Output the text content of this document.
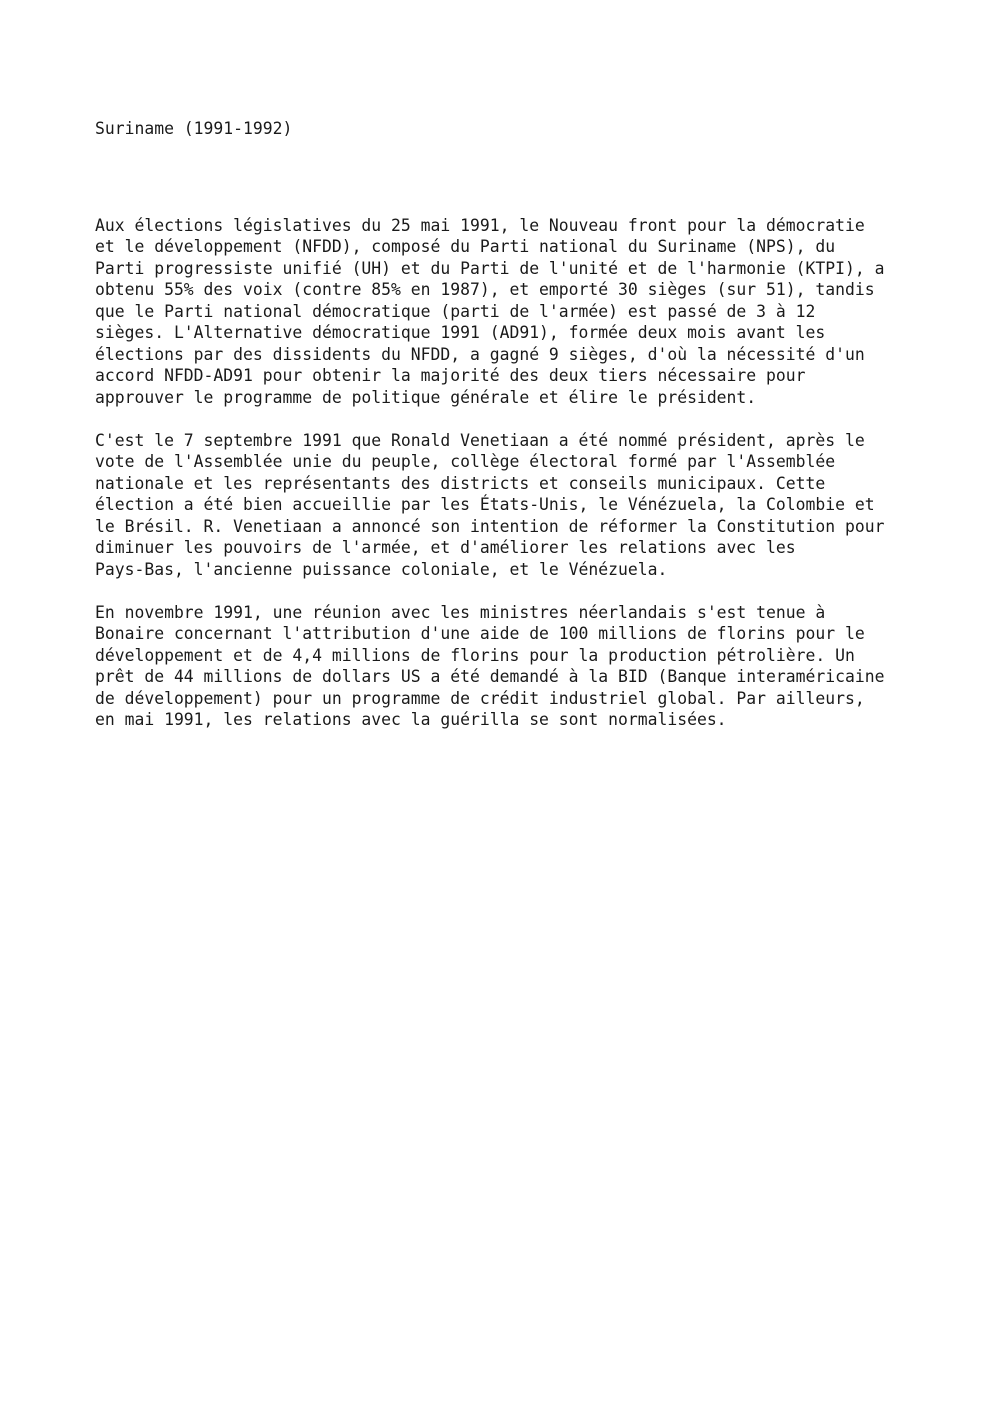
Suriname (1991-1992)
Aux élections législatives du 25 mai 1991, le Nouveau front pour la démocratie
et le développement (NFDD), composé du Parti national du Suriname (NPS), du
Parti progressiste unifié (UH) et du Parti de l'unité et de l'harmonie (KTPI), a
obtenu 55% des voix (contre 85% en 1987), et emporté 30 sièges (sur 51), tandis
que le Parti national démocratique (parti de l'armée) est passé de 3 à 12
sièges. L'Alternative démocratique 1991 (AD91), formée deux mois avant les
élections par des dissidents du NFDD, a gagné 9 sièges, d'où la nécessité d'un
accord NFDD-AD91 pour obtenir la majorité des deux tiers nécessaire pour
approuver le programme de politique générale et élire le président.
C'est le 7 septembre 1991 que Ronald Venetiaan a été nommé président, après le
vote de l'Assemblée unie du peuple, collège électoral formé par l'Assemblée
nationale et les représentants des districts et conseils municipaux. Cette
élection a été bien accueillie par les États-Unis, le Vénézuela, la Colombie et
le Brésil. R. Venetiaan a annoncé son intention de réformer la Constitution pour
diminuer les pouvoirs de l'armée, et d'améliorer les relations avec les
Pays-Bas, l'ancienne puissance coloniale, et le Vénézuela.
En novembre 1991, une réunion avec les ministres néerlandais s'est tenue à
Bonaire concernant l'attribution d'une aide de 100 millions de florins pour le
développement et de 4,4 millions de florins pour la production pétrolière. Un
prêt de 44 millions de dollars US a été demandé à la BID (Banque interaméricaine
de développement) pour un programme de crédit industriel global. Par ailleurs,
en mai 1991, les relations avec la guérilla se sont normalisées.
